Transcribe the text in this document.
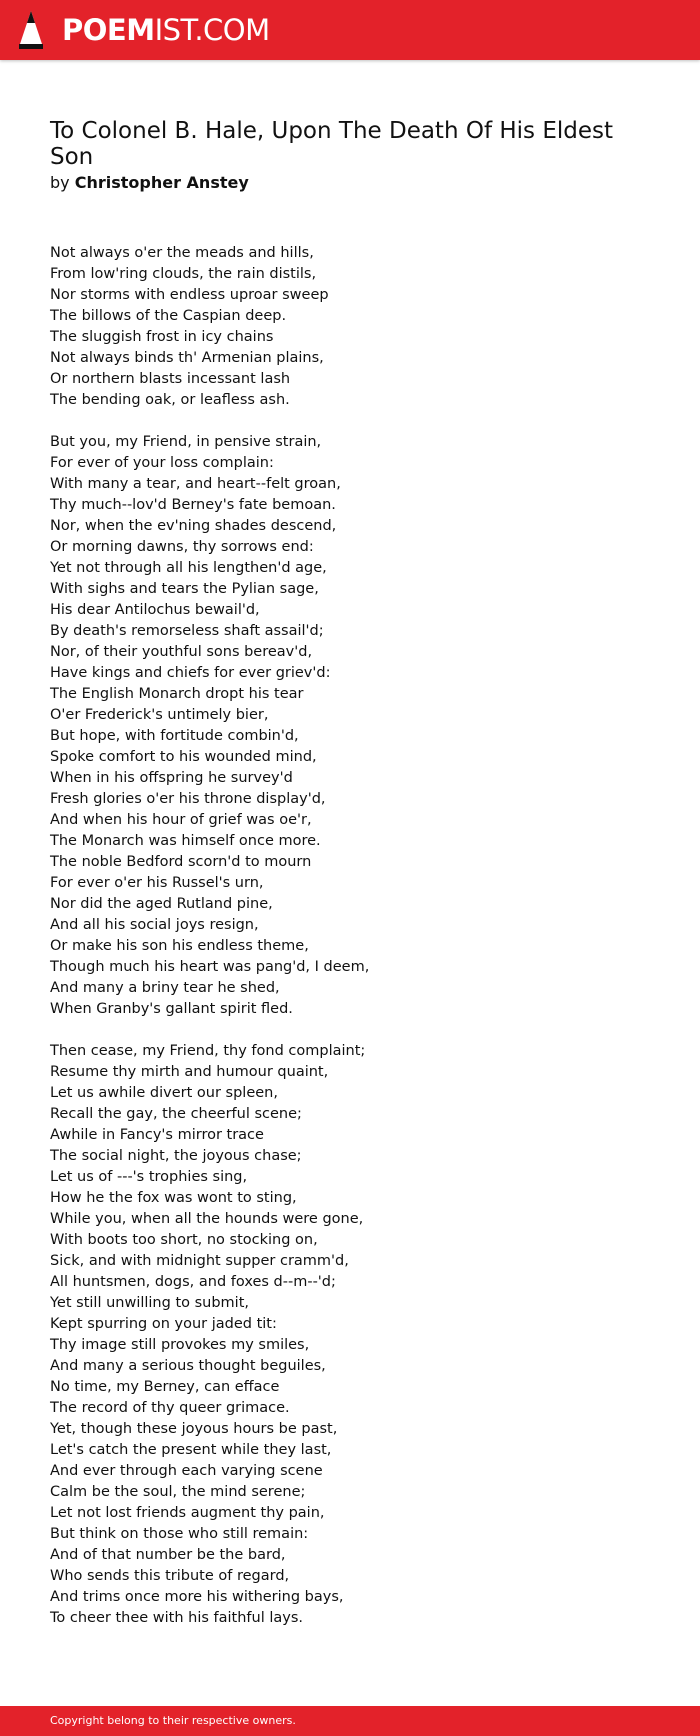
POEMIST.COM
To Colonel B. Hale, Upon The Death Of His Eldest Son
by Christopher Anstey
Not always o'er the meads and hills,
From low'ring clouds, the rain distils,
Nor storms with endless uproar sweep
The billows of the Caspian deep.
The sluggish frost in icy chains
Not always binds th' Armenian plains,
Or northern blasts incessant lash
The bending oak, or leafless ash.
But you, my Friend, in pensive strain,
For ever of your loss complain:
With many a tear, and heart--felt groan,
Thy much--lov'd Berney's fate bemoan.
Nor, when the ev'ning shades descend,
Or morning dawns, thy sorrows end:
Yet not through all his lengthen'd age,
With sighs and tears the Pylian sage,
His dear Antilochus bewail'd,
By death's remorseless shaft assail'd;
Nor, of their youthful sons bereav'd,
Have kings and chiefs for ever griev'd:
The English Monarch dropt his tear
O'er Frederick's untimely bier,
But hope, with fortitude combin'd,
Spoke comfort to his wounded mind,
When in his offspring he survey'd
Fresh glories o'er his throne display'd,
And when his hour of grief was oe'r,
The Monarch was himself once more.
The noble Bedford scorn'd to mourn
For ever o'er his Russel's urn,
Nor did the aged Rutland pine,
And all his social joys resign,
Or make his son his endless theme,
Though much his heart was pang'd, I deem,
And many a briny tear he shed,
When Granby's gallant spirit fled.
Then cease, my Friend, thy fond complaint;
Resume thy mirth and humour quaint,
Let us awhile divert our spleen,
Recall the gay, the cheerful scene;
Awhile in Fancy's mirror trace
The social night, the joyous chase;
Let us of ---'s trophies sing,
How he the fox was wont to sting,
While you, when all the hounds were gone,
With boots too short, no stocking on,
Sick, and with midnight supper cramm'd,
All huntsmen, dogs, and foxes d--m--'d;
Yet still unwilling to submit,
Kept spurring on your jaded tit:
Thy image still provokes my smiles,
And many a serious thought beguiles,
No time, my Berney, can efface
The record of thy queer grimace.
Yet, though these joyous hours be past,
Let's catch the present while they last,
And ever through each varying scene
Calm be the soul, the mind serene;
Let not lost friends augment thy pain,
But think on those who still remain:
And of that number be the bard,
Who sends this tribute of regard,
And trims once more his withering bays,
To cheer thee with his faithful lays.
Copyright belong to their respective owners.
